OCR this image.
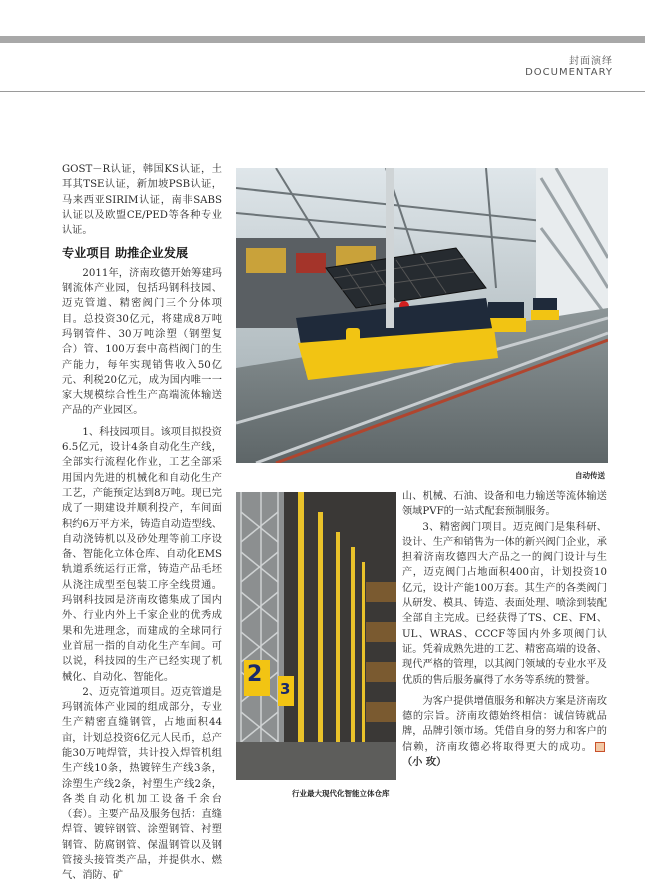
封面演绎
DOCUMENTARY

GOST－R认证，韩国KS认证，土耳其TSE认证，新加坡PSB认证，马来西亚SIRIM认证，南非SABS认证以及欧盟CE/PED等各种专业认证。

专业项目 助推企业发展

2011年，济南玫德开始筹建玛钢流体产业园，包括玛钢科技园、迈克管道、精密阀门三个分体项目。总投资30亿元，将建成8万吨玛钢管件、30万吨涂塑（钢塑复合）管、100万套中高档阀门的生产能力，每年实现销售收入50亿元、利税20亿元，成为国内唯一一家大规模综合性生产高端流体输送产品的产业园区。

1、科技园项目。该项目拟投资6.5亿元，设计4条自动化生产线，全部实行流程化作业，工艺全部采用国内先进的机械化和自动化生产工艺，产能预定达到8万吨。现已完成了一期建设并顺利投产，车间面积约6万平方米，铸造自动造型线、自动浇铸机以及砂处理等前工序设备、智能化立体仓库、自动化EMS轨道系统运行正常，铸造产品毛坯从浇注成型至包装工序全线贯通。玛钢科技园是济南玫德集成了国内外、行业内外上千家企业的优秀成果和先进理念，而建成的全球同行业首屈一指的自动化生产车间。可以说，科技园的生产已经实现了机械化、自动化、智能化。

2、迈克管道项目。迈克管道是玛钢流体产业园的组成部分，专业生产精密直缝钢管，占地面积44亩，计划总投资6亿元人民币，总产能30万吨焊管，共计投入焊管机组生产线10条，热镀锌生产线3条，涂塑生产线2条，衬塑生产线2条，各类自动化机加工设备千余台（套）。主要产品及服务包括：直缝焊管、镀锌钢管、涂塑钢管、衬塑钢管、防腐钢管、保温钢管以及钢管接头接管类产品，并提供水、燃气、消防、矿

自动传送
2
3
行业最大现代化智能立体仓库

山、机械、石油、设备和电力输送等流体输送领域PVF的一站式配套预制服务。

3、精密阀门项目。迈克阀门是集科研、设计、生产和销售为一体的新兴阀门企业，承担着济南玫德四大产品之一的阀门设计与生产，迈克阀门占地面积400亩，计划投资10亿元，设计产能100万套。其生产的各类阀门从研发、模具、铸造、表面处理、喷涂到装配全部自主完成。已经获得了TS、CE、FM、UL、WRAS、CCCF等国内外多项阀门认证。凭着成熟先进的工艺、精密高端的设备、现代严格的管理，以其阀门领域的专业水平及优质的售后服务赢得了水务等系统的赞誉。

为客户提供增值服务和解决方案是济南玫德的宗旨。济南玫德始终相信：诚信铸就品牌，品牌引领市场。凭借自身的努力和客户的信赖，济南玫德必将取得更大的成功。（小 玫）
